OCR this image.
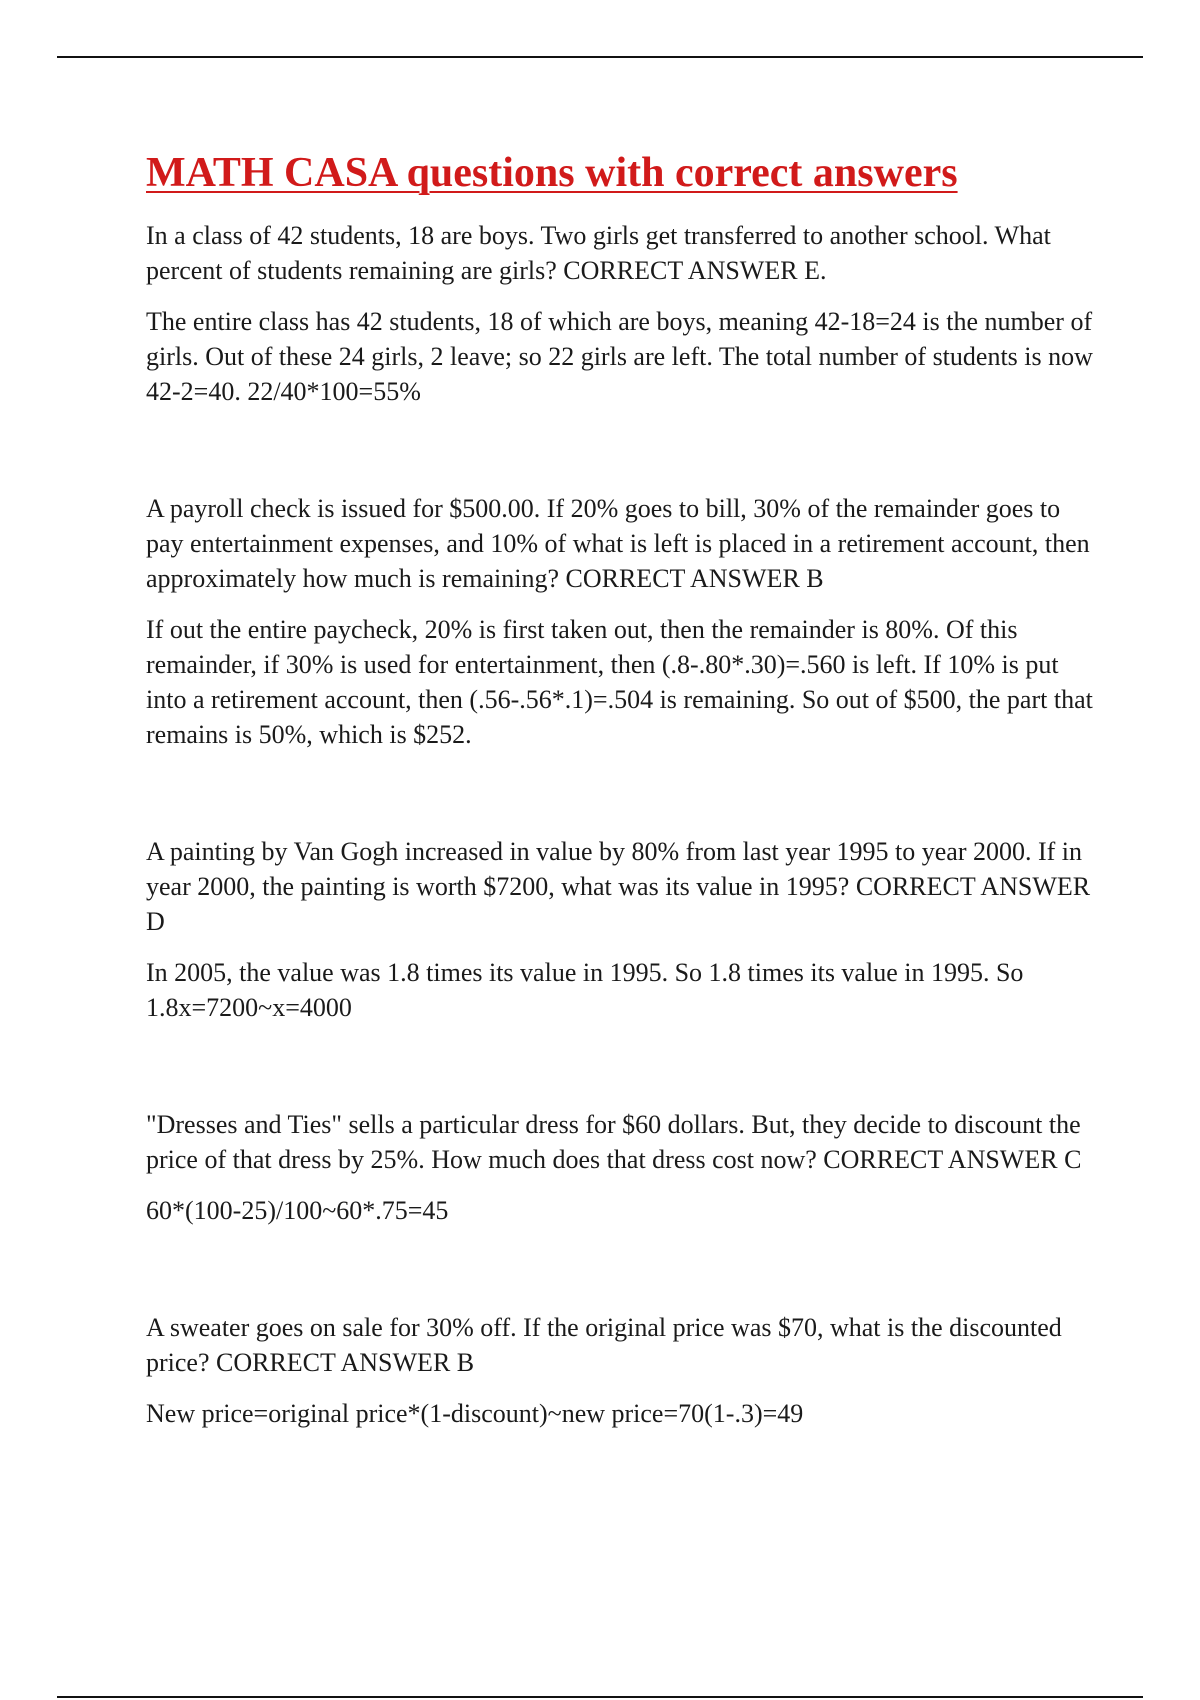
MATH CASA questions with correct answers

In a class of 42 students, 18 are boys. Two girls get transferred to another school. What percent of students remaining are girls? CORRECT ANSWER E.

The entire class has 42 students, 18 of which are boys, meaning 42-18=24 is the number of girls. Out of these 24 girls, 2 leave; so 22 girls are left. The total number of students is now 42-2=40. 22/40*100=55%

A payroll check is issued for $500.00. If 20% goes to bill, 30% of the remainder goes to pay entertainment expenses, and 10% of what is left is placed in a retirement account, then approximately how much is remaining? CORRECT ANSWER B

If out the entire paycheck, 20% is first taken out, then the remainder is 80%. Of this remainder, if 30% is used for entertainment, then (.8-.80*.30)=.560 is left. If 10% is put into a retirement account, then (.56-.56*.1)=.504 is remaining. So out of $500, the part that remains is 50%, which is $252.

A painting by Van Gogh increased in value by 80% from last year 1995 to year 2000. If in year 2000, the painting is worth $7200, what was its value in 1995? CORRECT ANSWER D

In 2005, the value was 1.8 times its value in 1995. So 1.8 times its value in 1995. So 1.8x=7200~x=4000

"Dresses and Ties" sells a particular dress for $60 dollars. But, they decide to discount the price of that dress by 25%. How much does that dress cost now? CORRECT ANSWER C

60*(100-25)/100~60*.75=45

A sweater goes on sale for 30% off. If the original price was $70, what is the discounted price? CORRECT ANSWER B

New price=original price*(1-discount)~new price=70(1-.3)=49
